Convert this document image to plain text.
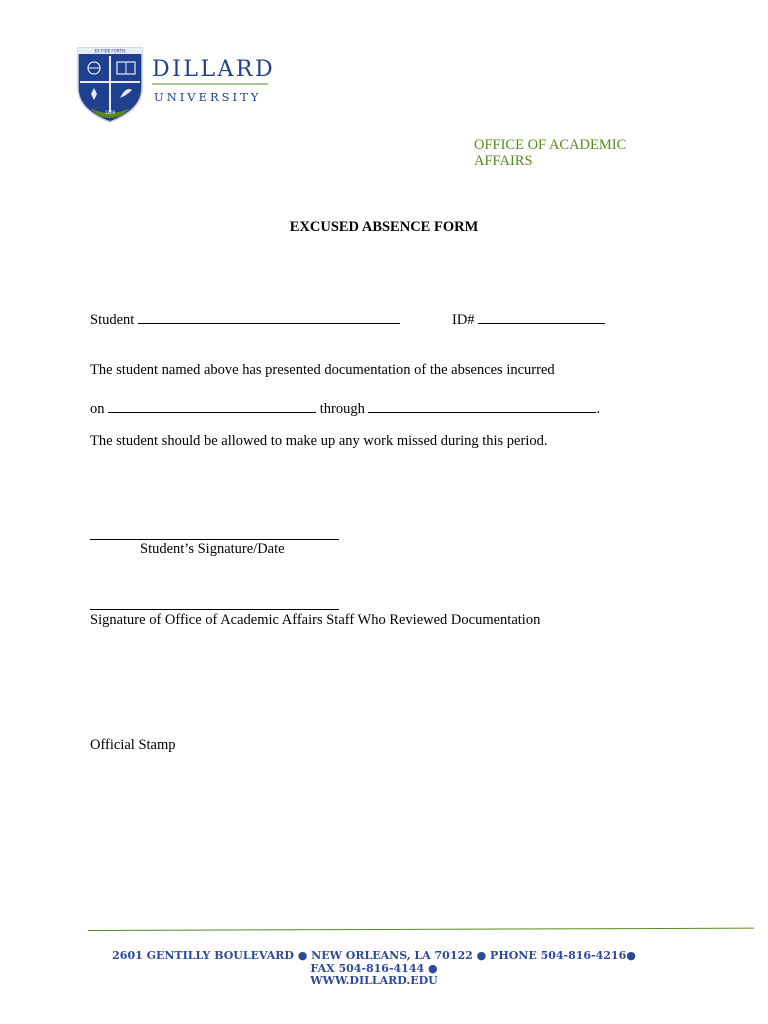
EX FIDE FORTIS
1869
DILLARD
UNIVERSITY
OFFICE OF ACADEMIC AFFAIRS
EXCUSED ABSENCE FORM
Student	ID#
The student named above has presented documentation of the absences incurred
on	through	.
The student should be allowed to make up any work missed during this period.
Student’s Signature/Date
Signature of Office of Academic Affairs Staff Who Reviewed Documentation
Official Stamp
2601 GENTILLY BOULEVARD ● NEW ORLEANS, LA 70122 ● PHONE 504-816-4216● FAX 504-816-4144 ●
WWW.DILLARD.EDU
